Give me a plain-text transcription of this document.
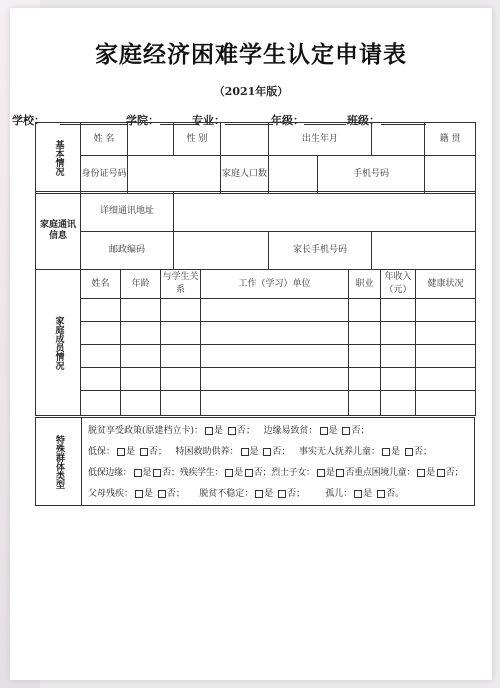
家庭经济困难学生认定申请表
（2021年版）
学校：	学院：	专业：	年级：	班级：
基本情况	姓 名		性 别		出生年月			籍 贯
	身份证号码			家庭人口数		手机号码		
家庭通讯信息	详细通讯地址			
	邮政编码		家长手机号码	
家庭成员情况	姓名	年龄	与学生关系	工作（学习）单位	职业	年收入（元）	健康状况

特殊群体类型
脱贫享受政策(原建档立卡)： 是 否；   边缘易致贫： 是 否；
低保： 是 否；   特困救助供养： 是 否；   事实无人抚养儿童： 是 否；
低保边缘： 是 否；残疾学生： 是 否；烈士子女： 是 否重点困境儿童： 是 否；
父母残疾： 是 否；     脱贫不稳定： 是 否；       孤儿： 是 否。
